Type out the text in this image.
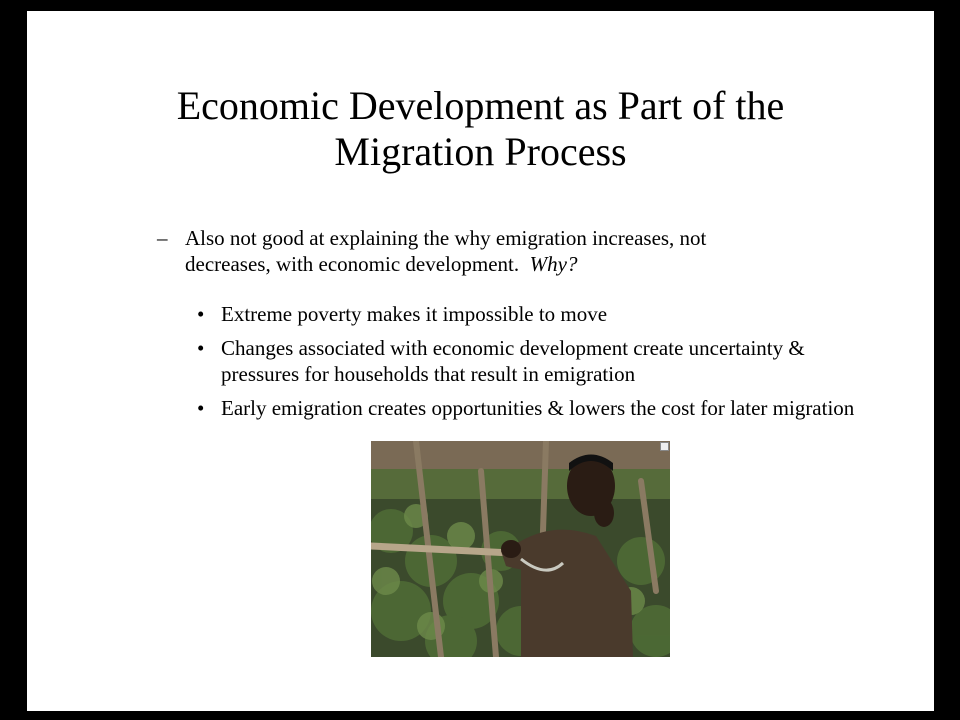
Economic Development as Part of the
Migration Process
– Also not good at explaining the why emigration increases, not decreases, with economic development. Why?
• Extreme poverty makes it impossible to move
• Changes associated with economic development create uncertainty & pressures for households that result in emigration
• Early emigration creates opportunities & lowers the cost for later migration
